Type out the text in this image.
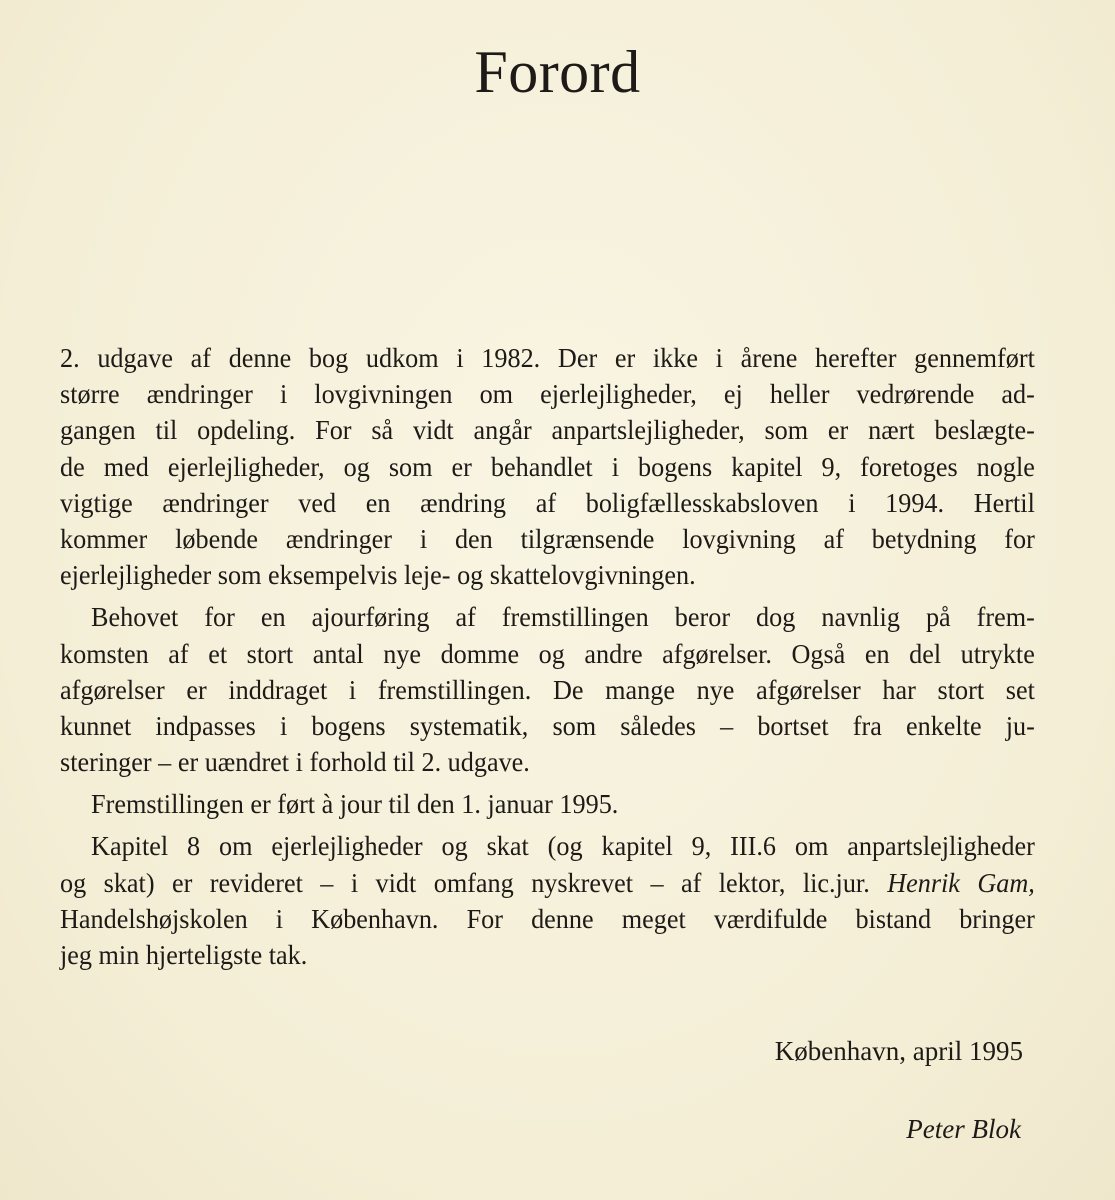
Forord
2. udgave af denne bog udkom i 1982. Der er ikke i årene herefter gennemført
større ændringer i lovgivningen om ejerlejligheder, ej heller vedrørende ad-
gangen til opdeling. For så vidt angår anpartslejligheder, som er nært beslægte-
de med ejerlejligheder, og som er behandlet i bogens kapitel 9, foretoges nogle
vigtige ændringer ved en ændring af boligfællesskabsloven i 1994. Hertil
kommer løbende ændringer i den tilgrænsende lovgivning af betydning for
ejerlejligheder som eksempelvis leje- og skattelovgivningen.
Behovet for en ajourføring af fremstillingen beror dog navnlig på frem-
komsten af et stort antal nye domme og andre afgørelser. Også en del utrykte
afgørelser er inddraget i fremstillingen. De mange nye afgørelser har stort set
kunnet indpasses i bogens systematik, som således – bortset fra enkelte ju-
steringer – er uændret i forhold til 2. udgave.
Fremstillingen er ført à jour til den 1. januar 1995.
Kapitel 8 om ejerlejligheder og skat (og kapitel 9, III.6 om anpartslejligheder
og skat) er revideret – i vidt omfang nyskrevet – af lektor, lic.jur. Henrik Gam,
Handelshøjskolen i København. For denne meget værdifulde bistand bringer
jeg min hjerteligste tak.
København, april 1995
Peter Blok
